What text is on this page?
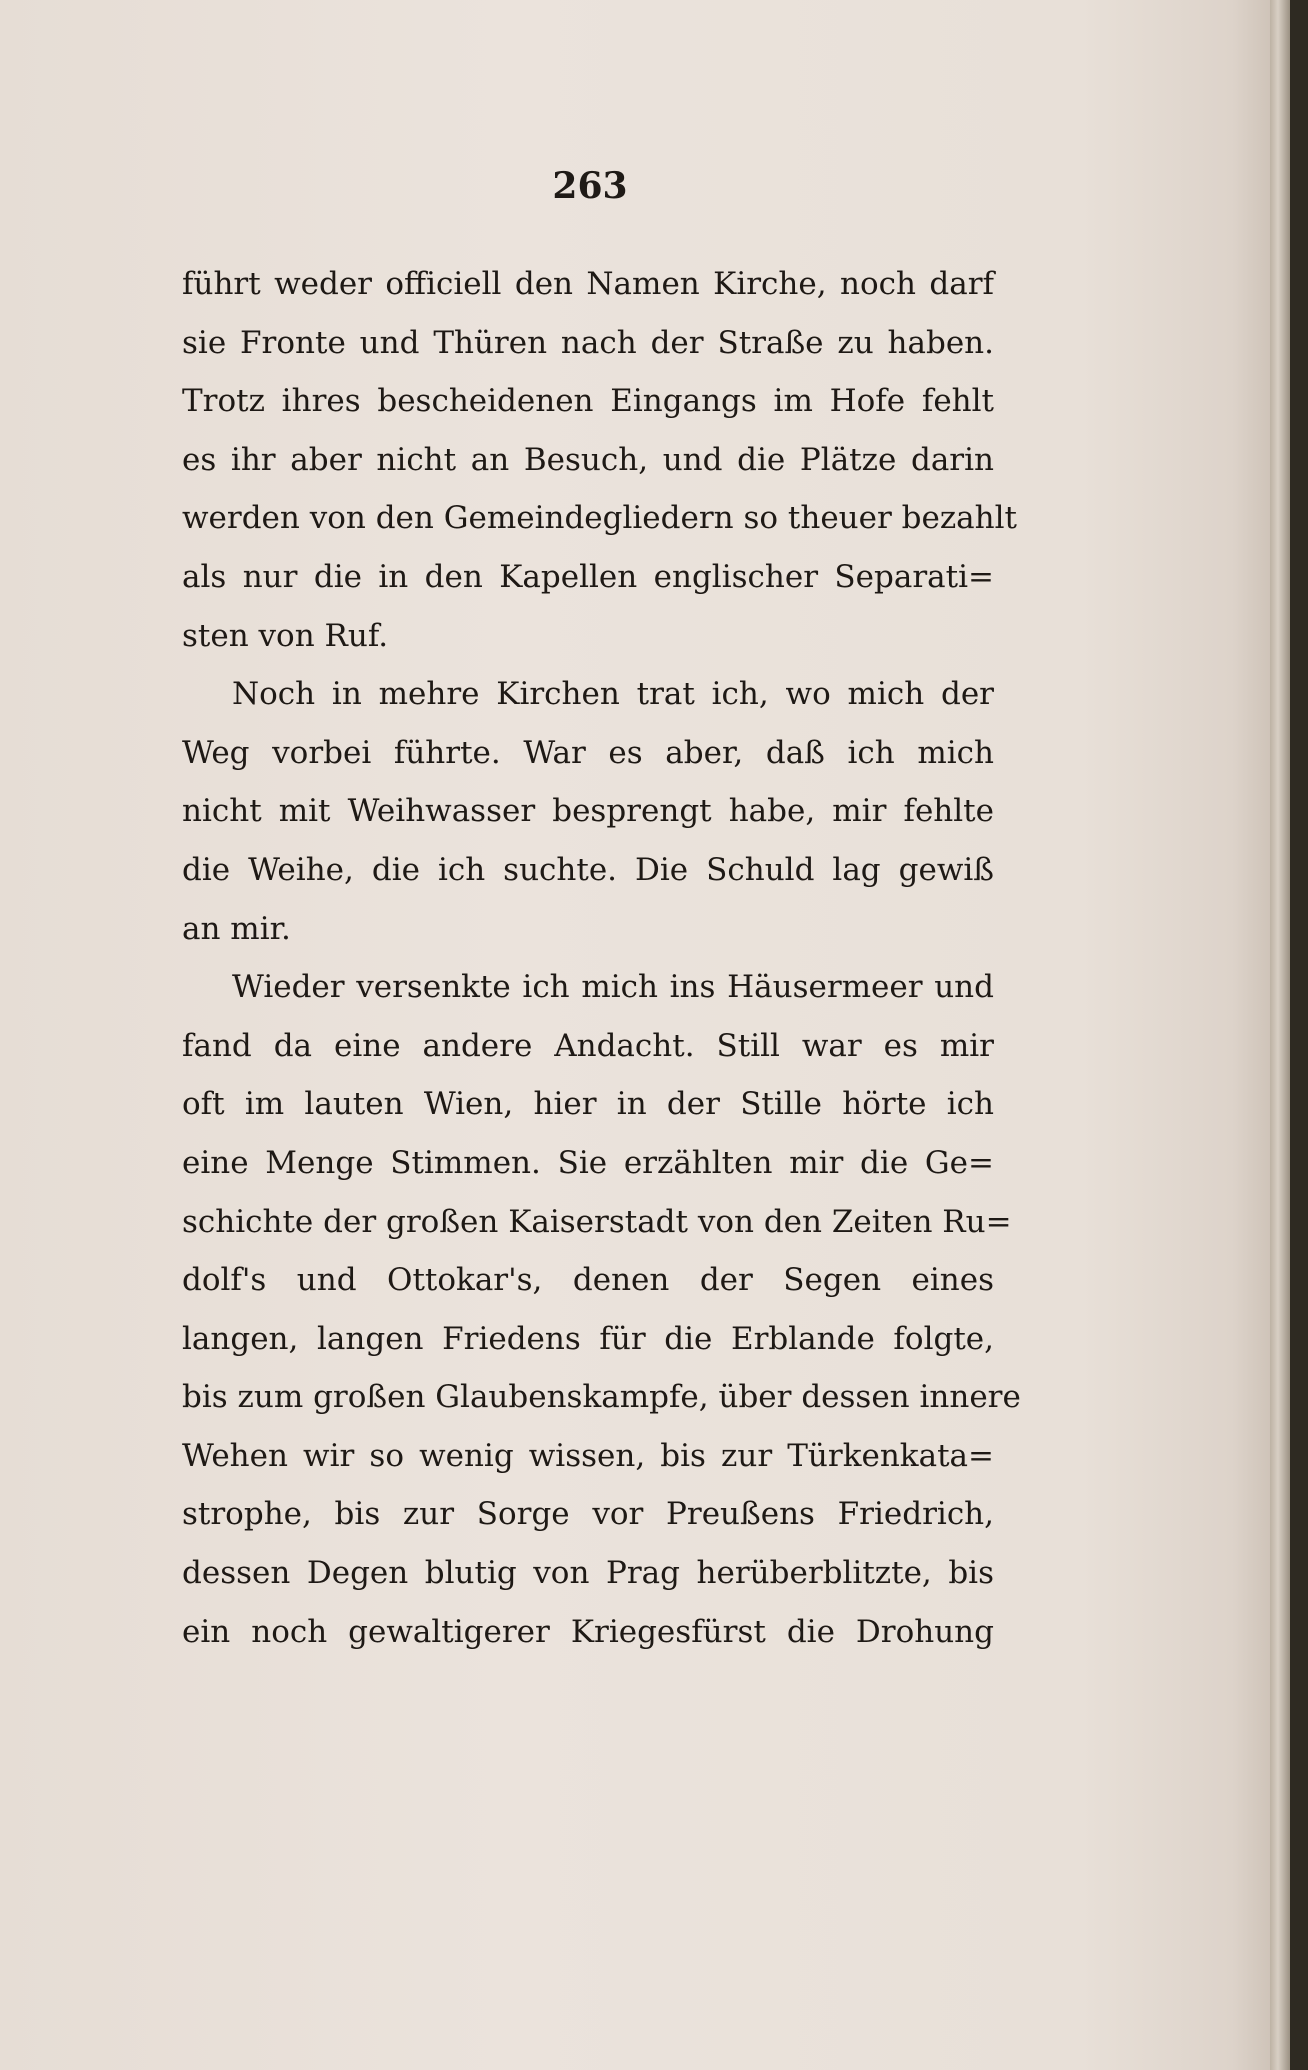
263
führt weder officiell den Namen Kirche, noch darf
sie Fronte und Thüren nach der Straße zu haben.
Trotz ihres bescheidenen Eingangs im Hofe fehlt
es ihr aber nicht an Besuch, und die Plätze darin
werden von den Gemeindegliedern so theuer bezahlt
als nur die in den Kapellen englischer Separati=
sten von Ruf.
Noch in mehre Kirchen trat ich, wo mich der
Weg vorbei führte. War es aber, daß ich mich
nicht mit Weihwasser besprengt habe, mir fehlte
die Weihe, die ich suchte. Die Schuld lag gewiß
an mir.
Wieder versenkte ich mich ins Häusermeer und
fand da eine andere Andacht. Still war es mir
oft im lauten Wien, hier in der Stille hörte ich
eine Menge Stimmen. Sie erzählten mir die Ge=
schichte der großen Kaiserstadt von den Zeiten Ru=
dolf's und Ottokar's, denen der Segen eines
langen, langen Friedens für die Erblande folgte,
bis zum großen Glaubenskampfe, über dessen innere
Wehen wir so wenig wissen, bis zur Türkenkata=
strophe, bis zur Sorge vor Preußens Friedrich,
dessen Degen blutig von Prag herüberblitzte, bis
ein noch gewaltigerer Kriegesfürst die Drohung
